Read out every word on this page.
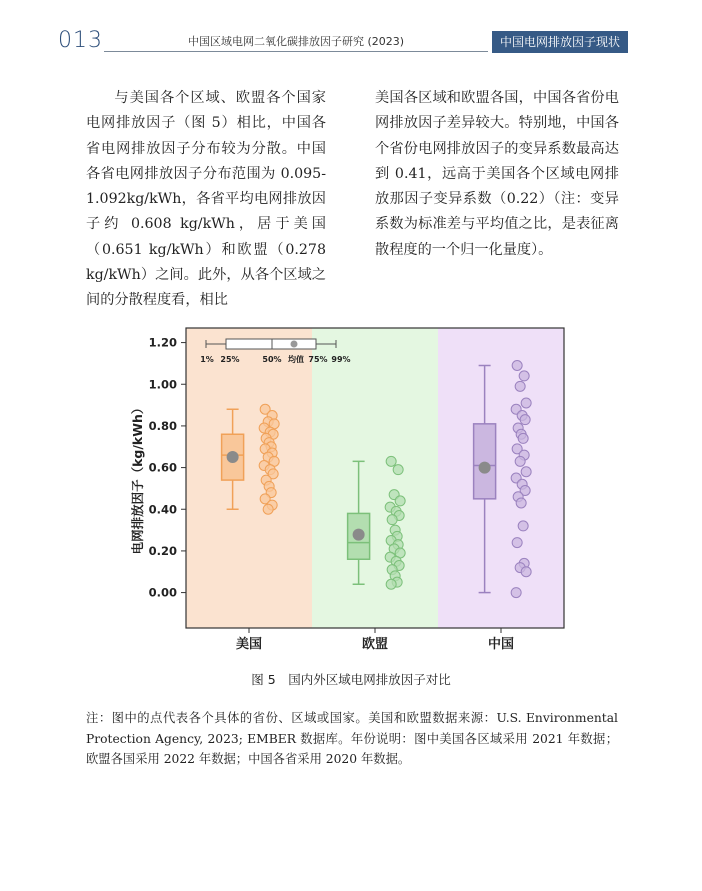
013	中国区域电网二氧化碳排放因子研究 (2023)	中国电网排放因子现状
与美国各个区域、欧盟各个国家电网排放因子（图 5）相比，中国各省电网排放因子分布较为分散。中国各省电网排放因子分布范围为 0.095-1.092kg/kWh，各省平均电网排放因子约 0.608 kg/kWh，居于美国（0.651 kg/kWh）和欧盟（0.278 kg/kWh）之间。此外，从各个区域之间的分散程度看，相比
美国各区域和欧盟各国，中国各省份电网排放因子差异较大。特别地，中国各个省份电网排放因子的变异系数最高达到 0.41，远高于美国各个区域电网排放那因子变异系数（0.22）（注：变异系数为标准差与平均值之比，是表征离散程度的一个归一化量度）。
0.00
0.20
0.40
0.60
0.80
1.00
1.20
电网排放因子（kg/kWh）
美国	欧盟	中国
1% 25%	50% 均值 75% 99%
图 5　国内外区域电网排放因子对比
注：图中的点代表各个具体的省份、区域或国家。美国和欧盟数据来源：U.S. Environmental Protection Agency, 2023; EMBER 数据库。年份说明：图中美国各区域采用 2021 年数据；欧盟各国采用 2022 年数据；中国各省采用 2020 年数据。
